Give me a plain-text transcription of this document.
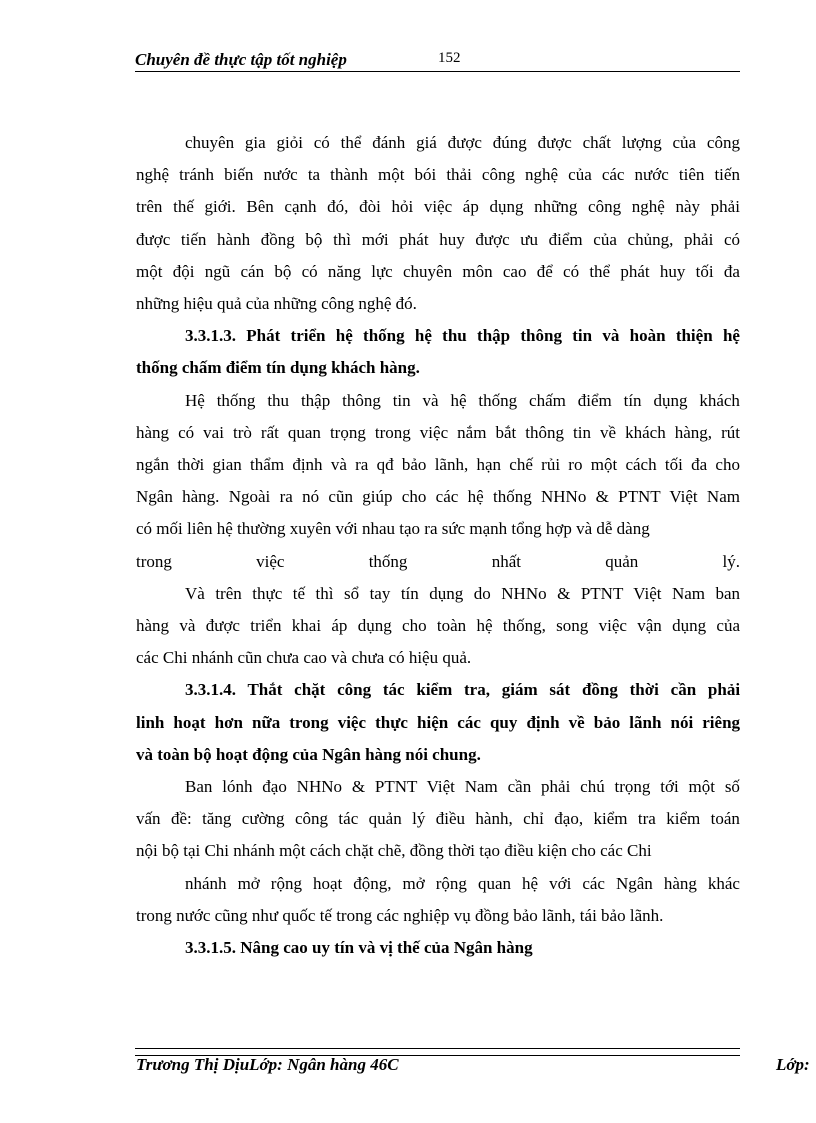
Chuyên đề thực tập tốt nghiệp	152
chuyên gia giỏi có thể đánh giá được đúng được chất lượng của công
nghệ tránh biến nước ta thành một bói thải công nghệ của các nước tiên tiến
trên thế giới. Bên cạnh đó, đòi hỏi việc áp dụng những công nghệ này phải
được tiến hành đồng bộ thì mới phát huy được ưu điểm của chủng, phải có
một đội ngũ cán bộ có năng lực chuyên môn cao để có thể phát huy tối đa
những hiệu quả của những công nghệ đó.
3.3.1.3. Phát triển hệ thống hệ thu thập thông tin và hoàn thiện hệ
thống chấm điểm tín dụng khách hàng.
Hệ thống thu thập thông tin và hệ thống chấm điểm tín dụng khách
hàng có vai trò rất quan trọng trong việc nắm bắt thông tin về khách hàng, rút
ngắn thời gian thẩm định và ra qđ bảo lãnh, hạn chế rủi ro một cách tối đa cho
Ngân hàng. Ngoài ra nó cũn giúp cho các hệ thống NHNo & PTNT Việt Nam
có mối liên hệ thường xuyên với nhau tạo ra sức mạnh tổng hợp và dễ dàng
trong việc thống nhất quản lý.
Và trên thực tế thì sổ tay tín dụng do NHNo & PTNT Việt Nam ban
hàng và được triển khai áp dụng cho toàn hệ thống, song việc vận dụng của
các Chi nhánh cũn chưa cao và chưa có hiệu quả.
3.3.1.4. Thắt chặt công tác kiểm tra, giám sát đồng thời cần phải
linh hoạt hơn nữa trong việc thực hiện các quy định về bảo lãnh nói riêng
và toàn bộ hoạt động của Ngân hàng nói chung.
Ban lónh đạo NHNo & PTNT Việt Nam cần phải chú trọng tới một số
vấn đề: tăng cường công tác quản lý điều hành, chỉ đạo, kiểm tra kiểm toán
nội bộ tại Chi nhánh một cách chặt chẽ, đồng thời tạo điều kiện cho các Chi
nhánh mở rộng hoạt động, mở rộng quan hệ với các Ngân hàng khác
trong nước cũng như quốc tế trong các nghiệp vụ đồng bảo lãnh, tái bảo lãnh.
3.3.1.5. Nâng cao uy tín và vị thế của Ngân hàng
Trương Thị DịuLớp: Ngân hàng 46C	Lớp:
